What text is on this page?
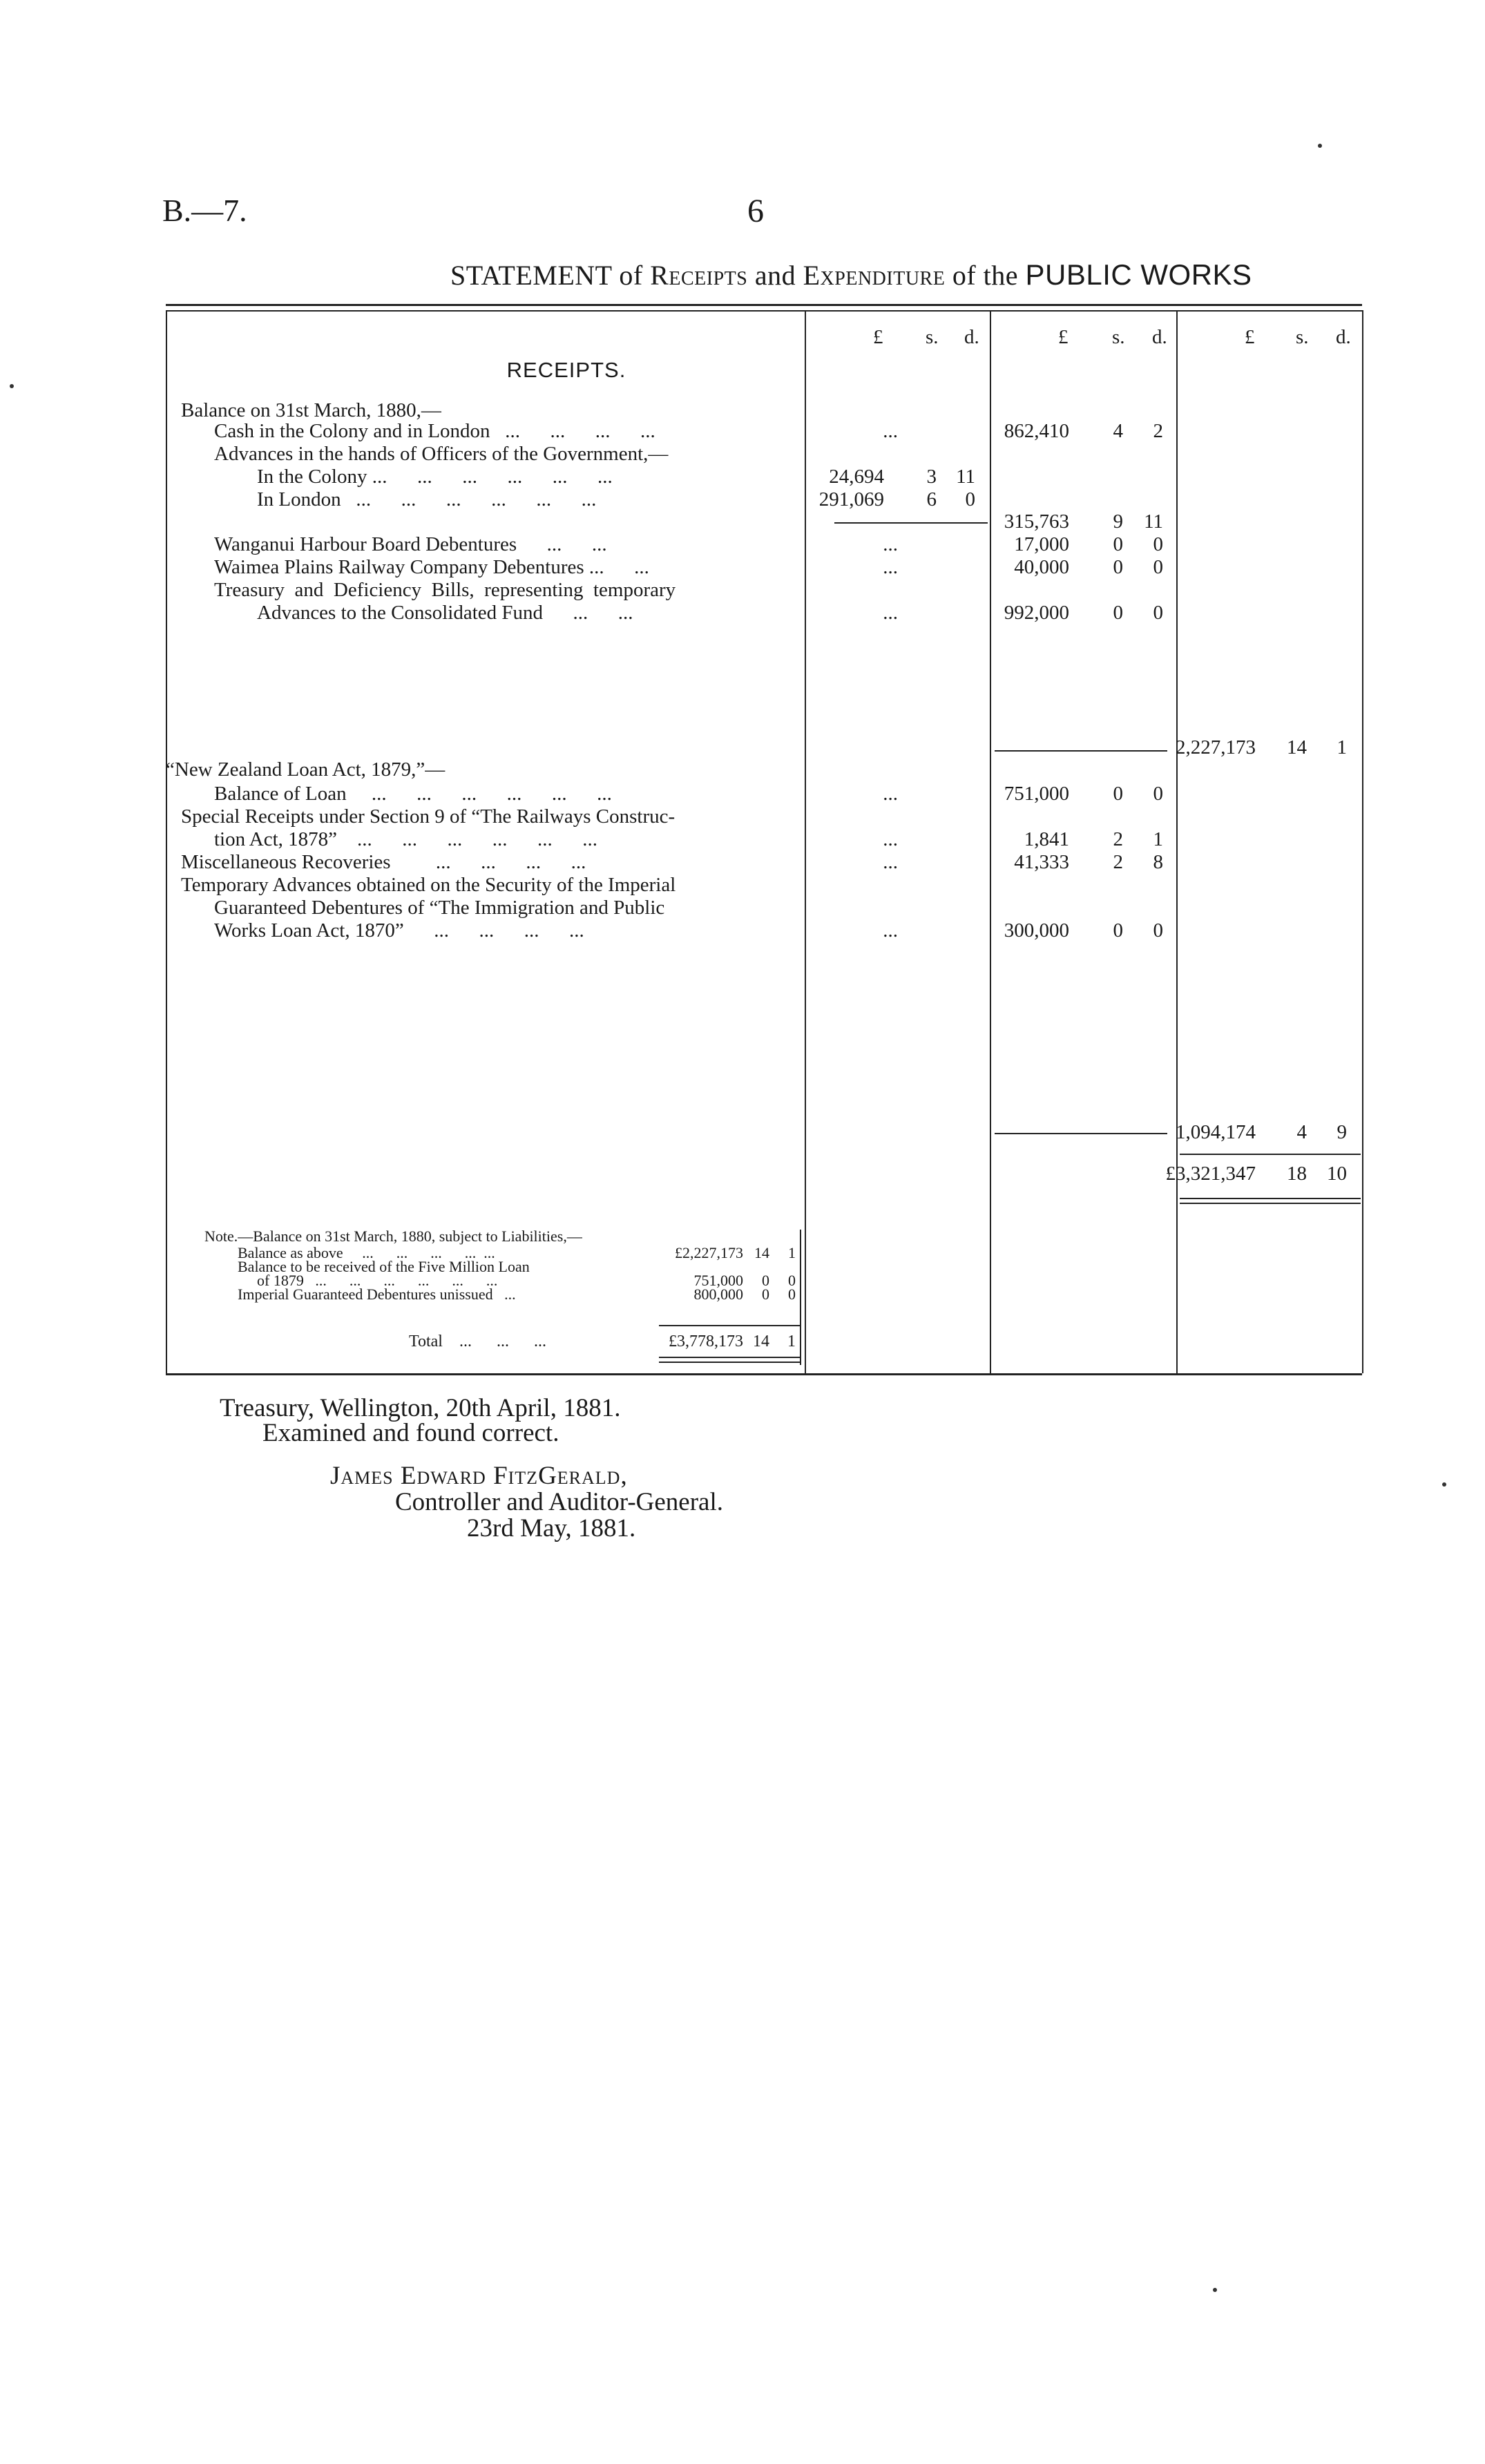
B.—7.	6
STATEMENT of Receipts and Expenditure of the PUBLIC WORKS
RECEIPTS.
£ s. d.	£ s. d.	£ s. d.
Balance on 31st March, 1880,—
Cash in the Colony and in London   ...      ...      ...      ...	...	862,410	4	2
Advances in the hands of Officers of the Government,—
In the Colony ...      ...      ...      ...      ...      ...	24,694	3 11
In London   ...      ...      ...      ...      ...      ...	291,069	6	0
315,763	9	11
Wanganui Harbour Board Debentures      ...      ...	...	17,000	0	0
Waimea Plains Railway Company Debentures ...      ...	...	40,000	0	0
Treasury  and  Deficiency  Bills,  representing  temporary
Advances to the Consolidated Fund      ...      ...	...	992,000	0	0
2,227,173	14	1
“New Zealand Loan Act, 1879,”—
Balance of Loan     ...      ...      ...      ...      ...      ...	...	751,000	0	0
Special Receipts under Section 9 of “The Railways Construc-
tion Act, 1878”    ...      ...      ...      ...      ...      ...	...	1,841	2	1
Miscellaneous Recoveries         ...      ...      ...      ...	...	41,333	2	8
Temporary Advances obtained on the Security of the Imperial
Guaranteed Debentures of “The Immigration and Public
Works Loan Act, 1870”      ...      ...      ...      ...	...	300,000	0	0
1,094,174	4	9
£3,321,347	18	10
Note.—Balance on 31st March, 1880, subject to Liabilities,—
Balance as above     ...      ...      ...      ...  ...	£2,227,173 14	1
Balance to be received of the Five Million Loan
of 1879   ...      ...      ...      ...      ...      ...	751,000	0	0
Imperial Guaranteed Debentures unissued   ...	800,000	0	0
Total    ...      ...      ...	£3,778,173 14	1
Treasury, Wellington, 20th April, 1881.
Examined and found correct.
James Edward FitzGerald,
Controller and Auditor-General.
23rd May, 1881.
